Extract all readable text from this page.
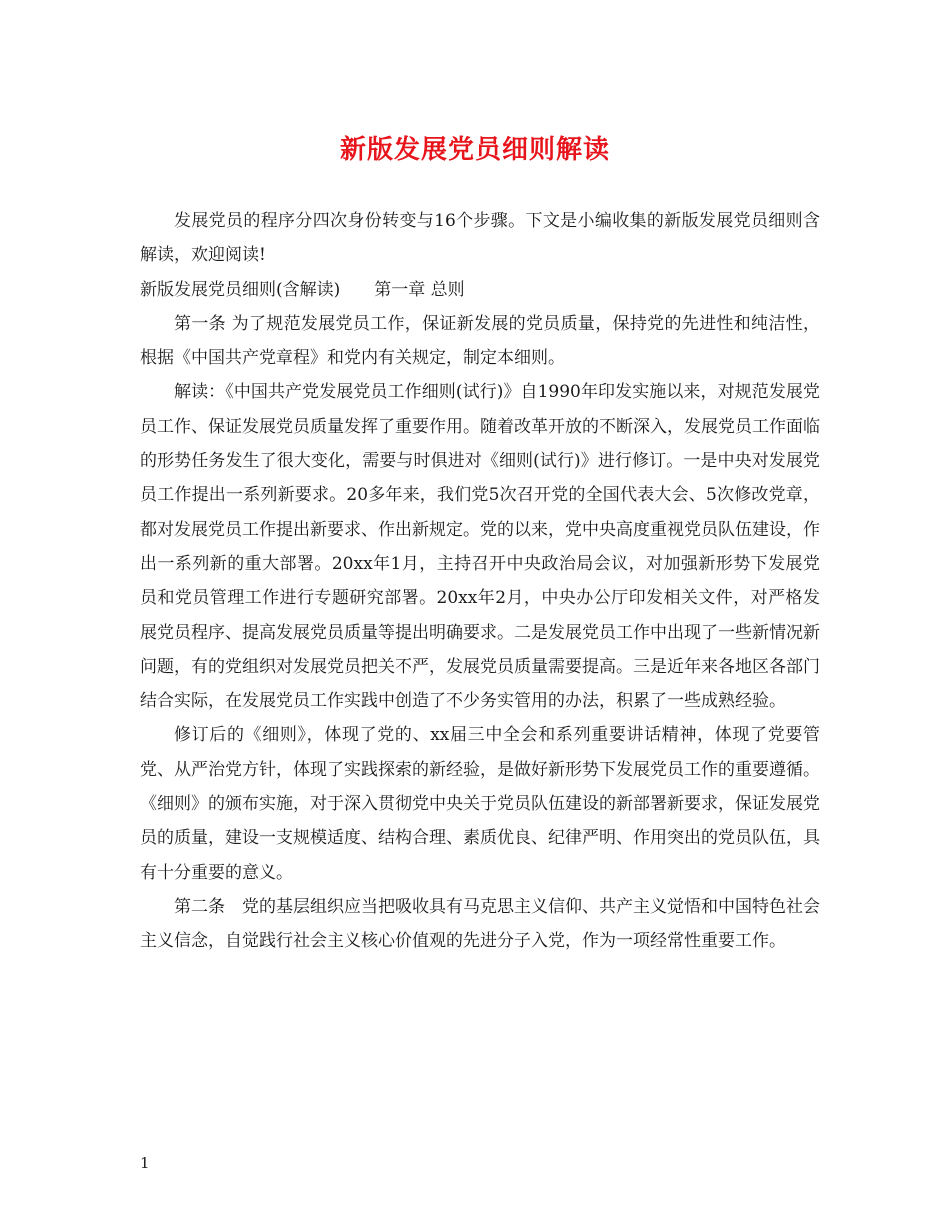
新版发展党员细则解读

发展党员的程序分四次身份转变与16个步骤。下文是小编收集的新版发展党员细则含解读，欢迎阅读!

新版发展党员细则(含解读)　　第一章 总则

第一条 为了规范发展党员工作，保证新发展的党员质量，保持党的先进性和纯洁性，根据《中国共产党章程》和党内有关规定，制定本细则。

解读：《中国共产党发展党员工作细则(试行)》自1990年印发实施以来，对规范发展党员工作、保证发展党员质量发挥了重要作用。随着改革开放的不断深入，发展党员工作面临的形势任务发生了很大变化，需要与时俱进对《细则(试行)》进行修订。一是中央对发展党员工作提出一系列新要求。20多年来，我们党5次召开党的全国代表大会、5次修改党章，都对发展党员工作提出新要求、作出新规定。党的以来，党中央高度重视党员队伍建设，作出一系列新的重大部署。20xx年1月，主持召开中央政治局会议，对加强新形势下发展党员和党员管理工作进行专题研究部署。20xx年2月，中央办公厅印发相关文件，对严格发展党员程序、提高发展党员质量等提出明确要求。二是发展党员工作中出现了一些新情况新问题，有的党组织对发展党员把关不严，发展党员质量需要提高。三是近年来各地区各部门结合实际，在发展党员工作实践中创造了不少务实管用的办法，积累了一些成熟经验。

修订后的《细则》，体现了党的、xx届三中全会和系列重要讲话精神，体现了党要管党、从严治党方针，体现了实践探索的新经验，是做好新形势下发展党员工作的重要遵循。《细则》的颁布实施，对于深入贯彻党中央关于党员队伍建设的新部署新要求，保证发展党员的质量，建设一支规模适度、结构合理、素质优良、纪律严明、作用突出的党员队伍，具有十分重要的意义。

第二条　党的基层组织应当把吸收具有马克思主义信仰、共产主义觉悟和中国特色社会主义信念，自觉践行社会主义核心价值观的先进分子入党，作为一项经常性重要工作。

1
